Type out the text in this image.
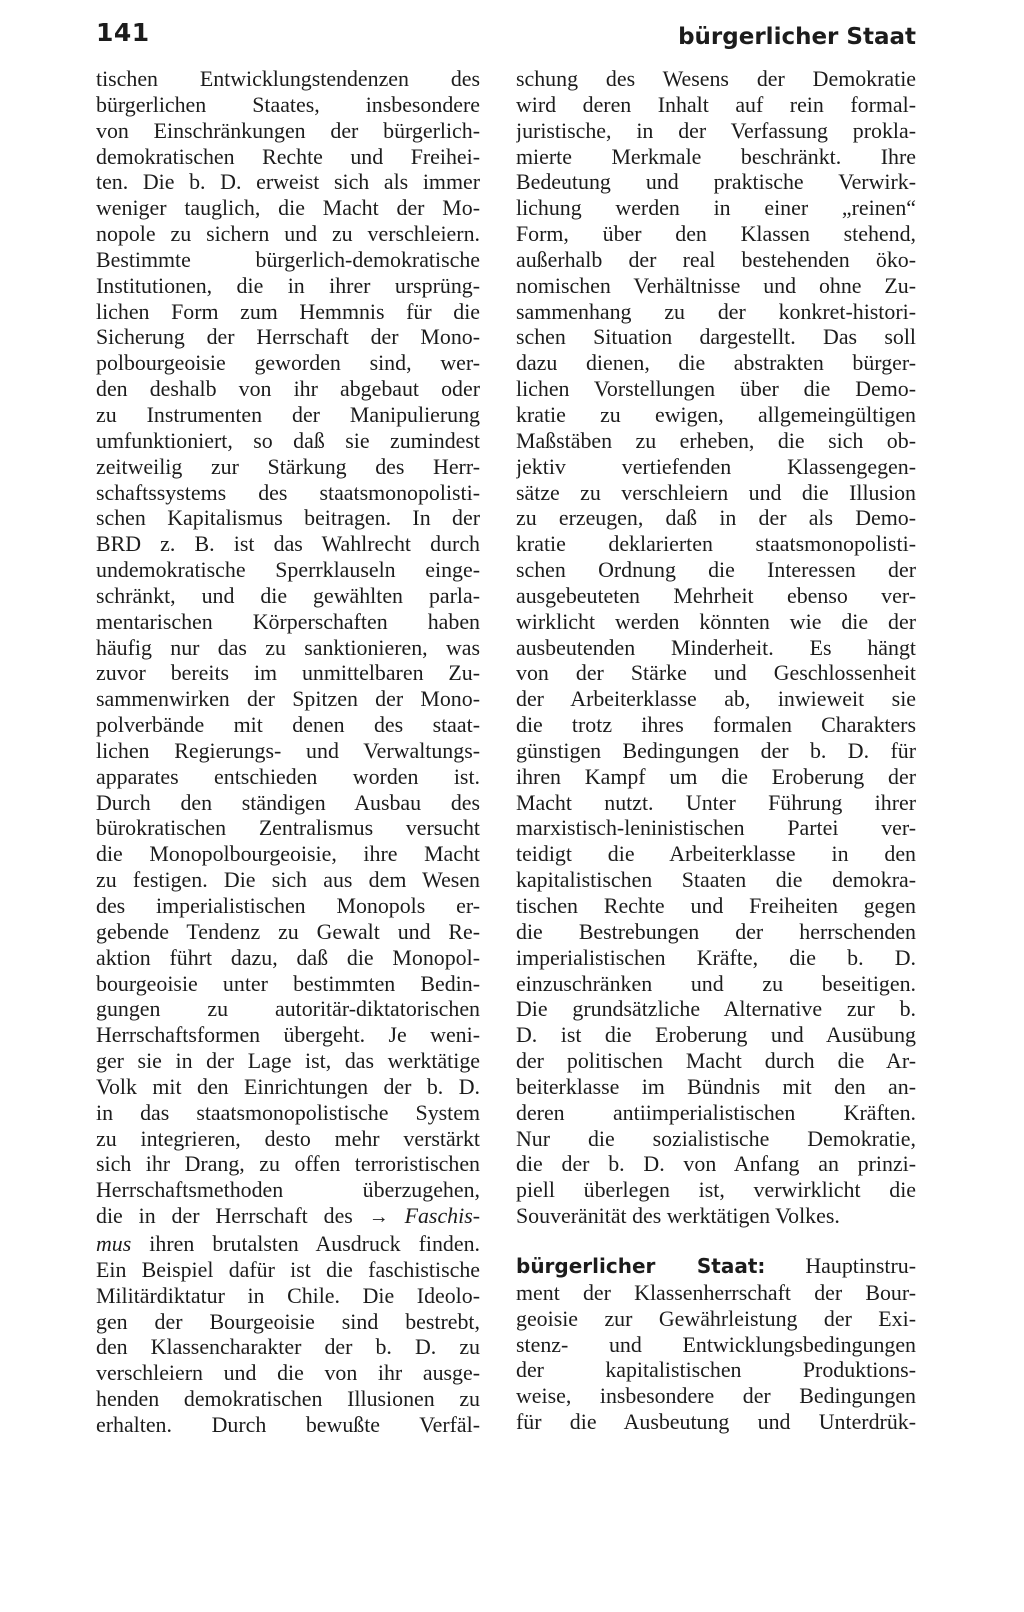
141	bürgerlicher Staat

tischen Entwicklungstendenzen des

bürgerlichen Staates, insbesondere

von Einschränkungen der bürgerlich-

demokratischen Rechte und Freihei-

ten. Die b. D. erweist sich als immer

weniger tauglich, die Macht der Mo-

nopole zu sichern und zu verschleiern.

Bestimmte bürgerlich-demokratische

Institutionen, die in ihrer ursprüng-

lichen Form zum Hemmnis für die

Sicherung der Herrschaft der Mono-

polbourgeoisie geworden sind, wer-

den deshalb von ihr abgebaut oder

zu Instrumenten der Manipulierung

umfunktioniert, so daß sie zumindest

zeitweilig zur Stärkung des Herr-

schaftssystems des staatsmonopolisti-

schen Kapitalismus beitragen. In der

BRD z. B. ist das Wahlrecht durch

undemokratische Sperrklauseln einge-

schränkt, und die gewählten parla-

mentarischen Körperschaften haben

häufig nur das zu sanktionieren, was

zuvor bereits im unmittelbaren Zu-

sammenwirken der Spitzen der Mono-

polverbände mit denen des staat-

lichen Regierungs- und Verwaltungs-

apparates entschieden worden ist.

Durch den ständigen Ausbau des

bürokratischen Zentralismus versucht

die Monopolbourgeoisie, ihre Macht

zu festigen. Die sich aus dem Wesen

des imperialistischen Monopols er-

gebende Tendenz zu Gewalt und Re-

aktion führt dazu, daß die Monopol-

bourgeoisie unter bestimmten Bedin-

gungen zu autoritär-diktatorischen

Herrschaftsformen übergeht. Je weni-

ger sie in der Lage ist, das werktätige

Volk mit den Einrichtungen der b. D.

in das staatsmonopolistische System

zu integrieren, desto mehr verstärkt

sich ihr Drang, zu offen terroristischen

Herrschaftsmethoden überzugehen,

die in der Herrschaft des → Faschis-

mus ihren brutalsten Ausdruck finden.

Ein Beispiel dafür ist die faschistische

Militärdiktatur in Chile. Die Ideolo-

gen der Bourgeoisie sind bestrebt,

den Klassencharakter der b. D. zu

verschleiern und die von ihr ausge-

henden demokratischen Illusionen zu

erhalten. Durch bewußte Verfäl-

schung des Wesens der Demokratie

wird deren Inhalt auf rein formal-

juristische, in der Verfassung prokla-

mierte Merkmale beschränkt. Ihre

Bedeutung und praktische Verwirk-

lichung werden in einer „reinen“

Form, über den Klassen stehend,

außerhalb der real bestehenden öko-

nomischen Verhältnisse und ohne Zu-

sammenhang zu der konkret-histori-

schen Situation dargestellt. Das soll

dazu dienen, die abstrakten bürger-

lichen Vorstellungen über die Demo-

kratie zu ewigen, allgemeingültigen

Maßstäben zu erheben, die sich ob-

jektiv vertiefenden Klassengegen-

sätze zu verschleiern und die Illusion

zu erzeugen, daß in der als Demo-

kratie deklarierten staatsmonopolisti-

schen Ordnung die Interessen der

ausgebeuteten Mehrheit ebenso ver-

wirklicht werden könnten wie die der

ausbeutenden Minderheit. Es hängt

von der Stärke und Geschlossenheit

der Arbeiterklasse ab, inwieweit sie

die trotz ihres formalen Charakters

günstigen Bedingungen der b. D. für

ihren Kampf um die Eroberung der

Macht nutzt. Unter Führung ihrer

marxistisch-leninistischen Partei ver-

teidigt die Arbeiterklasse in den

kapitalistischen Staaten die demokra-

tischen Rechte und Freiheiten gegen

die Bestrebungen der herrschenden

imperialistischen Kräfte, die b. D.

einzuschränken und zu beseitigen.

Die grundsätzliche Alternative zur b.

D. ist die Eroberung und Ausübung

der politischen Macht durch die Ar-

beiterklasse im Bündnis mit den an-

deren antiimperialistischen Kräften.

Nur die sozialistische Demokratie,

die der b. D. von Anfang an prinzi-

piell überlegen ist, verwirklicht die

Souveränität des werktätigen Volkes.

bürgerlicher Staat: Hauptinstru-

ment der Klassenherrschaft der Bour-

geoisie zur Gewährleistung der Exi-

stenz- und Entwicklungsbedingungen

der kapitalistischen Produktions-

weise, insbesondere der Bedingungen

für die Ausbeutung und Unterdrük-
